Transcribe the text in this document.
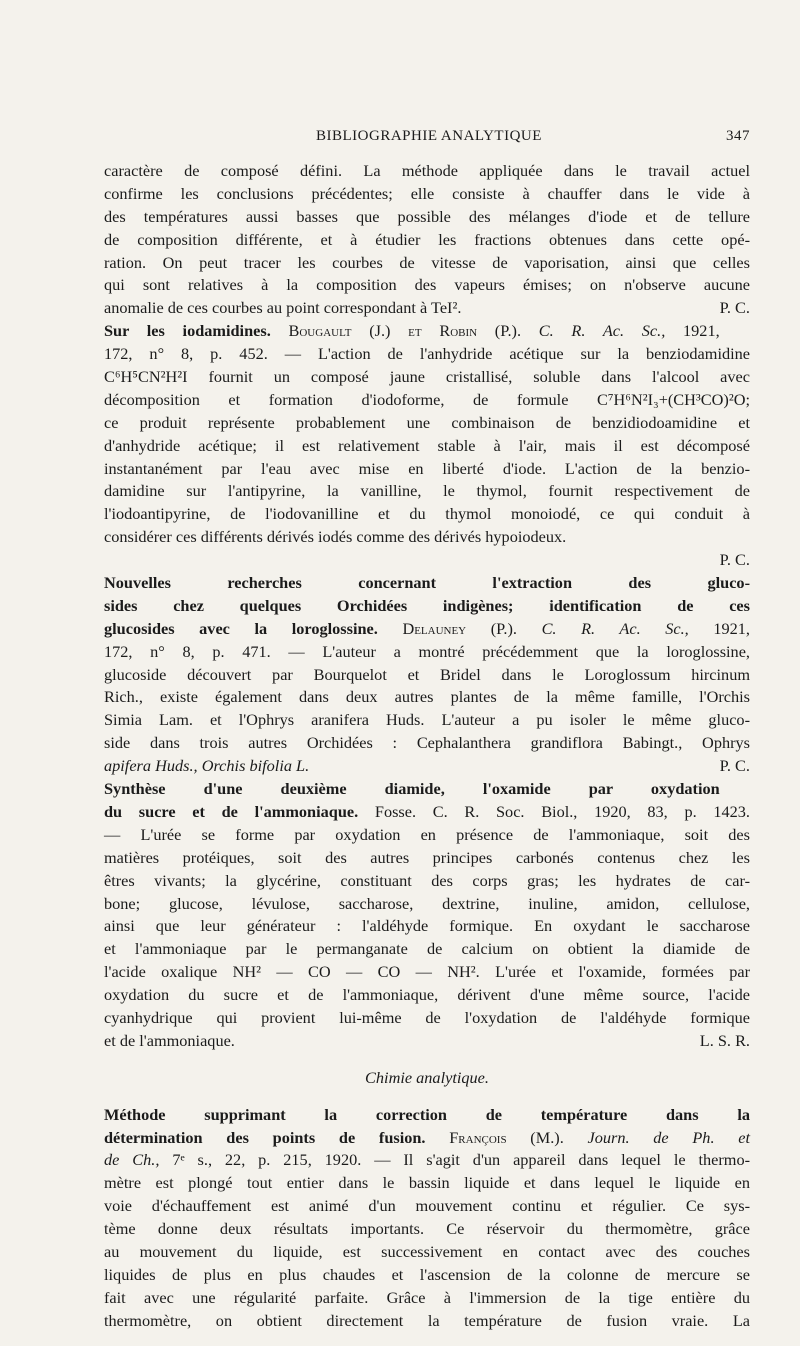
BIBLIOGRAPHIE ANALYTIQUE	347
caractère de composé défini. La méthode appliquée dans le travail actuel
confirme les conclusions précédentes; elle consiste à chauffer dans le vide à
des températures aussi basses que possible des mélanges d'iode et de tellure
de composition différente, et à étudier les fractions obtenues dans cette opé-
ration. On peut tracer les courbes de vitesse de vaporisation, ainsi que celles
qui sont relatives à la composition des vapeurs émises; on n'observe aucune
anomalie de ces courbes au point correspondant à TeI².	P. C.
Sur les iodamidines. Bougault (J.) et Robin (P.). C. R. Ac. Sc., 1921,
172, n° 8, p. 452. — L'action de l'anhydride acétique sur la benziodamidine
C⁶H⁵CN²H²I fournit un composé jaune cristallisé, soluble dans l'alcool avec
décomposition et formation d'iodoforme, de formule C⁷H⁶N²I₃+(CH³CO)²O;
ce produit représente probablement une combinaison de benzidiodoamidine et
d'anhydride acétique; il est relativement stable à l'air, mais il est décomposé
instantanément par l'eau avec mise en liberté d'iode. L'action de la benzio-
damidine sur l'antipyrine, la vanilline, le thymol, fournit respectivement de
l'iodoantipyrine, de l'iodovanilline et du thymol monoiodé, ce qui conduit à
considérer ces différents dérivés iodés comme des dérivés hypoiodeux.
P. C.
Nouvelles recherches concernant l'extraction des gluco-
sides chez quelques Orchidées indigènes; identification de ces
glucosides avec la loroglossine. Delauney (P.). C. R. Ac. Sc., 1921,
172, n° 8, p. 471. — L'auteur a montré précédemment que la loroglossine,
glucoside découvert par Bourquelot et Bridel dans le Loroglossum hircinum
Rich., existe également dans deux autres plantes de la même famille, l'Orchis
Simia Lam. et l'Ophrys aranifera Huds. L'auteur a pu isoler le même gluco-
side dans trois autres Orchidées : Cephalanthera grandiflora Babingt., Ophrys
apifera Huds., Orchis bifolia L.	P. C.
Synthèse d'une deuxième diamide, l'oxamide par oxydation
du sucre et de l'ammoniaque. Fosse. C. R. Soc. Biol., 1920, 83, p. 1423.
— L'urée se forme par oxydation en présence de l'ammoniaque, soit des
matières protéiques, soit des autres principes carbonés contenus chez les
êtres vivants; la glycérine, constituant des corps gras; les hydrates de car-
bone; glucose, lévulose, saccharose, dextrine, inuline, amidon, cellulose,
ainsi que leur générateur : l'aldéhyde formique. En oxydant le saccharose
et l'ammoniaque par le permanganate de calcium on obtient la diamide de
l'acide oxalique NH² — CO — CO — NH². L'urée et l'oxamide, formées par
oxydation du sucre et de l'ammoniaque, dérivent d'une même source, l'acide
cyanhydrique qui provient lui-même de l'oxydation de l'aldéhyde formique
et de l'ammoniaque.	L. S. R.
Chimie analytique.
Méthode supprimant la correction de température dans la
détermination des points de fusion. François (M.). Journ. de Ph. et
de Ch., 7ᵉ s., 22, p. 215, 1920. — Il s'agit d'un appareil dans lequel le thermo-
mètre est plongé tout entier dans le bassin liquide et dans lequel le liquide en
voie d'échauffement est animé d'un mouvement continu et régulier. Ce sys-
tème donne deux résultats importants. Ce réservoir du thermomètre, grâce
au mouvement du liquide, est successivement en contact avec des couches
liquides de plus en plus chaudes et l'ascension de la colonne de mercure se
fait avec une régularité parfaite. Grâce à l'immersion de la tige entière du
thermomètre, on obtient directement la température de fusion vraie. La
